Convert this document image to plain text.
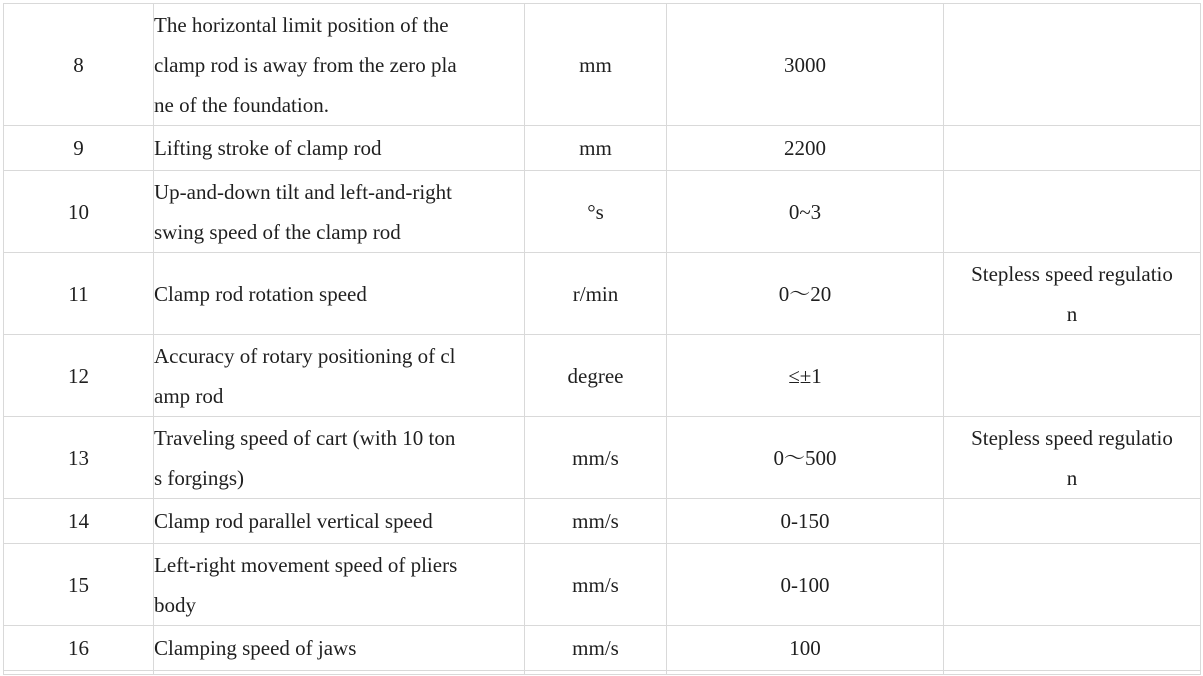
8	The horizontal limit position of the
clamp rod is away from the zero pla
ne of the foundation.	mm	3000	
9	Lifting stroke of clamp rod	mm	2200	
10	Up-and-down tilt and left-and-right
swing speed of the clamp rod	°s	0~3	
11	Clamp rod rotation speed	r/min	0～20	Stepless speed regulatio
n

12	Accuracy of rotary positioning of cl
amp rod	degree	≤±1	
13	Traveling speed of cart (with 10 ton
s forgings)	mm/s	0～500	Stepless speed regulatio
n

14	Clamp rod parallel vertical speed	mm/s	0-150	
15	Left-right movement speed of pliers
body	mm/s	0-100	
16	Clamping speed of jaws	mm/s	100	
